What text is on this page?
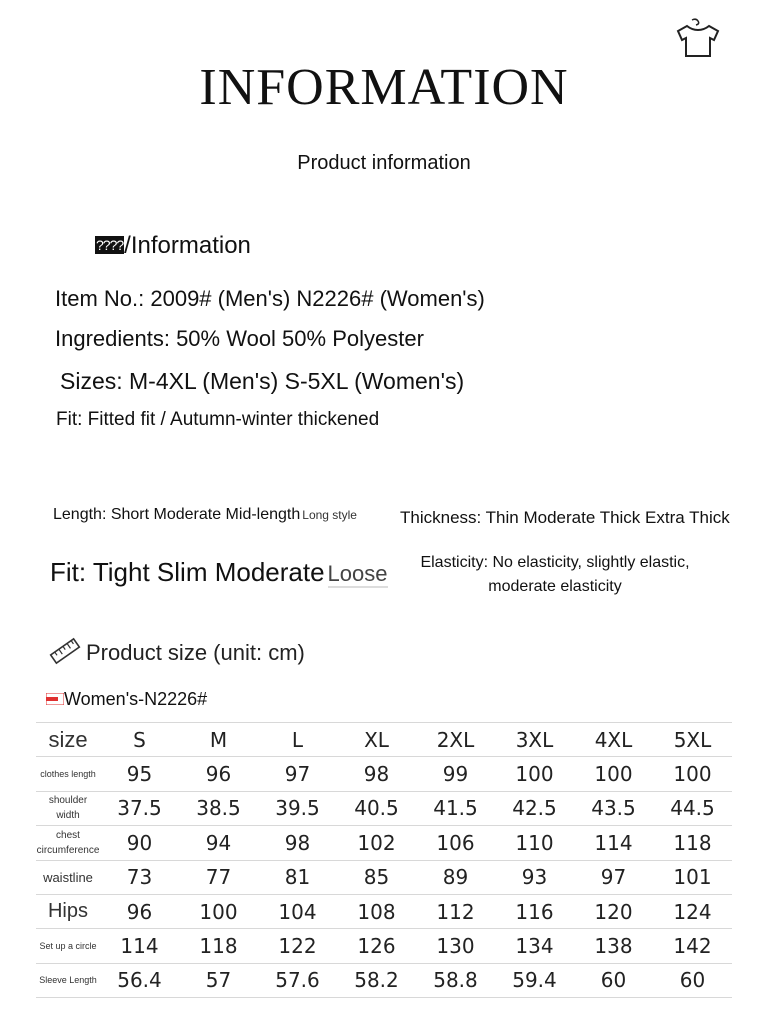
INFORMATION
Product information
????/Information
Item No.: 2009# (Men's) N2226# (Women's)
Ingredients: 50% Wool 50% Polyester
Sizes: M-4XL (Men's) S-5XL (Women's)
Fit: Fitted fit / Autumn-winter thickened
Length: Short Moderate Mid-length Long style	Thickness: Thin Moderate Thick Extra Thick
Fit: Tight Slim Moderate Loose	Elasticity: No elasticity, slightly elastic,
moderate elasticity
Product size (unit: cm)
Women's-N2226#
size	S	M	L	XL	2XL	3XL	4XL	5XL
clothes length	95	96	97	98	99	100	100	100
shoulder width	37.5	38.5	39.5	40.5	41.5	42.5	43.5	44.5
chest circumference	90	94	98	102	106	110	114	118
waistline	73	77	81	85	89	93	97	101
Hips	96	100	104	108	112	116	120	124
Set up a circle	114	118	122	126	130	134	138	142
Sleeve Length	56.4	57	57.6	58.2	58.8	59.4	60	60
